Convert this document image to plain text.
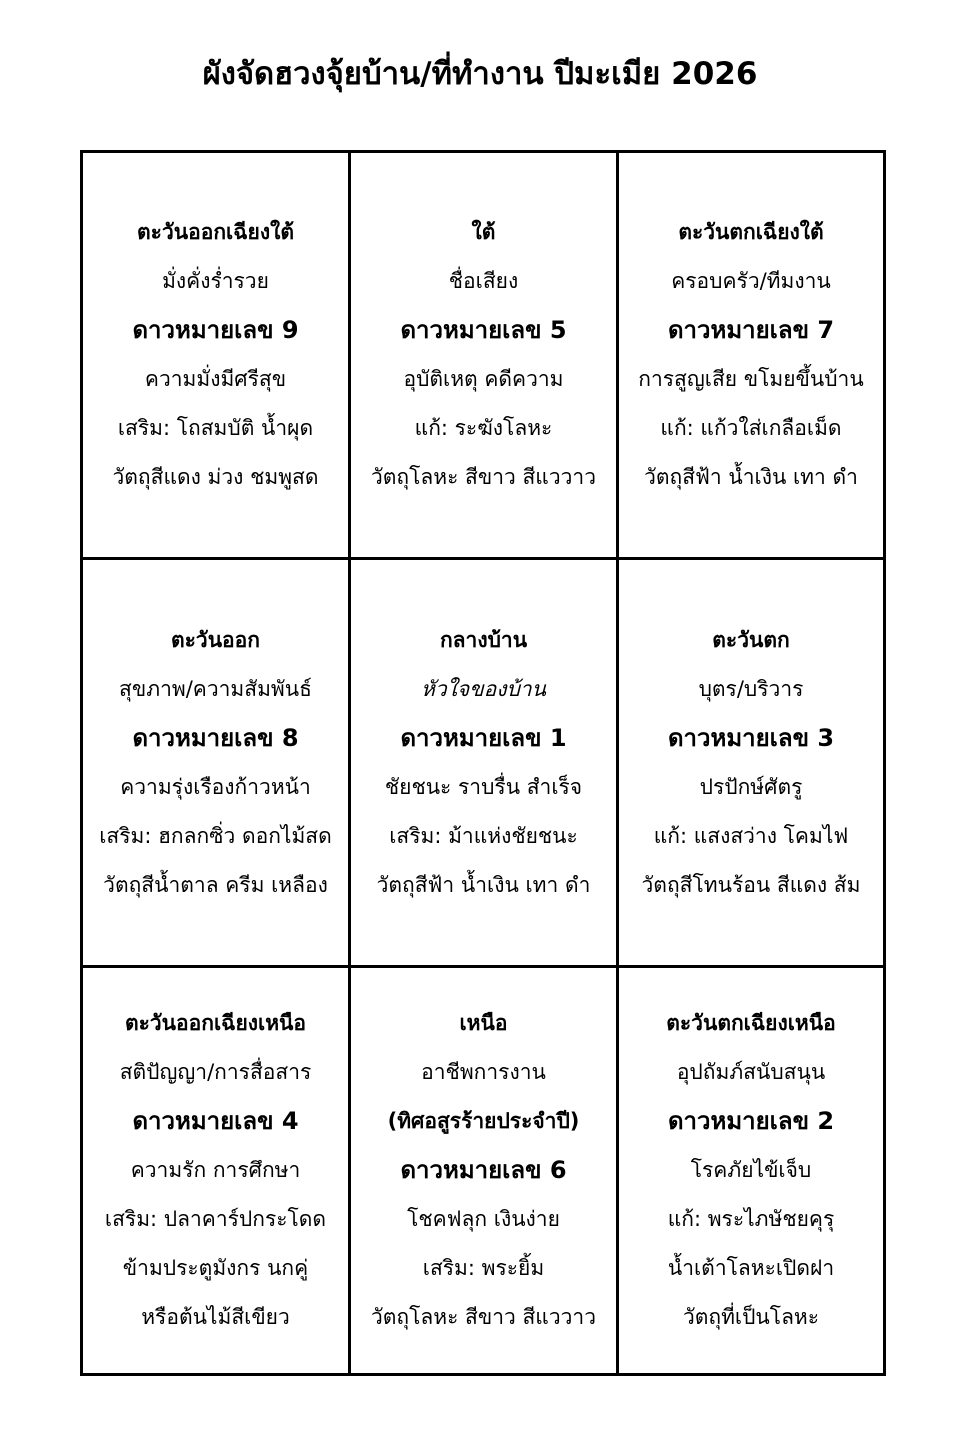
ผังจัดฮวงจุ้ยบ้าน/ที่ทำงาน ปีมะเมีย 2026
ตะวันออกเฉียงใต้
มั่งคั่งร่ำรวย
ดาวหมายเลข 9
ความมั่งมีศรีสุข
เสริม: โถสมบัติ น้ำผุด
วัตถุสีแดง ม่วง ชมพูสด
ใต้
ชื่อเสียง
ดาวหมายเลข 5
อุบัติเหตุ คดีความ
แก้: ระฆังโลหะ
วัตถุโลหะ สีขาว สีแววาว
ตะวันตกเฉียงใต้
ครอบครัว/ทีมงาน
ดาวหมายเลข 7
การสูญเสีย ขโมยขึ้นบ้าน
แก้: แก้วใส่เกลือเม็ด
วัตถุสีฟ้า น้ำเงิน เทา ดำ
ตะวันออก
สุขภาพ/ความสัมพันธ์
ดาวหมายเลข 8
ความรุ่งเรืองก้าวหน้า
เสริม: ฮกลกซิ่ว ดอกไม้สด
วัตถุสีน้ำตาล ครีม เหลือง
กลางบ้าน
หัวใจของบ้าน
ดาวหมายเลข 1
ชัยชนะ ราบรื่น สำเร็จ
เสริม: ม้าแห่งชัยชนะ
วัตถุสีฟ้า น้ำเงิน เทา ดำ
ตะวันตก
บุตร/บริวาร
ดาวหมายเลข 3
ปรปักษ์ศัตรู
แก้: แสงสว่าง โคมไฟ
วัตถุสีโทนร้อน สีแดง ส้ม
ตะวันออกเฉียงเหนือ
สติปัญญา/การสื่อสาร
ดาวหมายเลข 4
ความรัก การศึกษา
เสริม: ปลาคาร์ปกระโดด
ข้ามประตูมังกร นกคู่
หรือต้นไม้สีเขียว
เหนือ
อาชีพการงาน
(ทิศอสูรร้ายประจำปี)
ดาวหมายเลข 6
โชคฟลุก เงินง่าย
เสริม: พระยิ้ม
วัตถุโลหะ สีขาว สีแววาว
ตะวันตกเฉียงเหนือ
อุปถัมภ์สนับสนุน
ดาวหมายเลข 2
โรคภัยไข้เจ็บ
แก้: พระไภษัชยคุรุ
น้ำเต้าโลหะเปิดฝา
วัตถุที่เป็นโลหะ
